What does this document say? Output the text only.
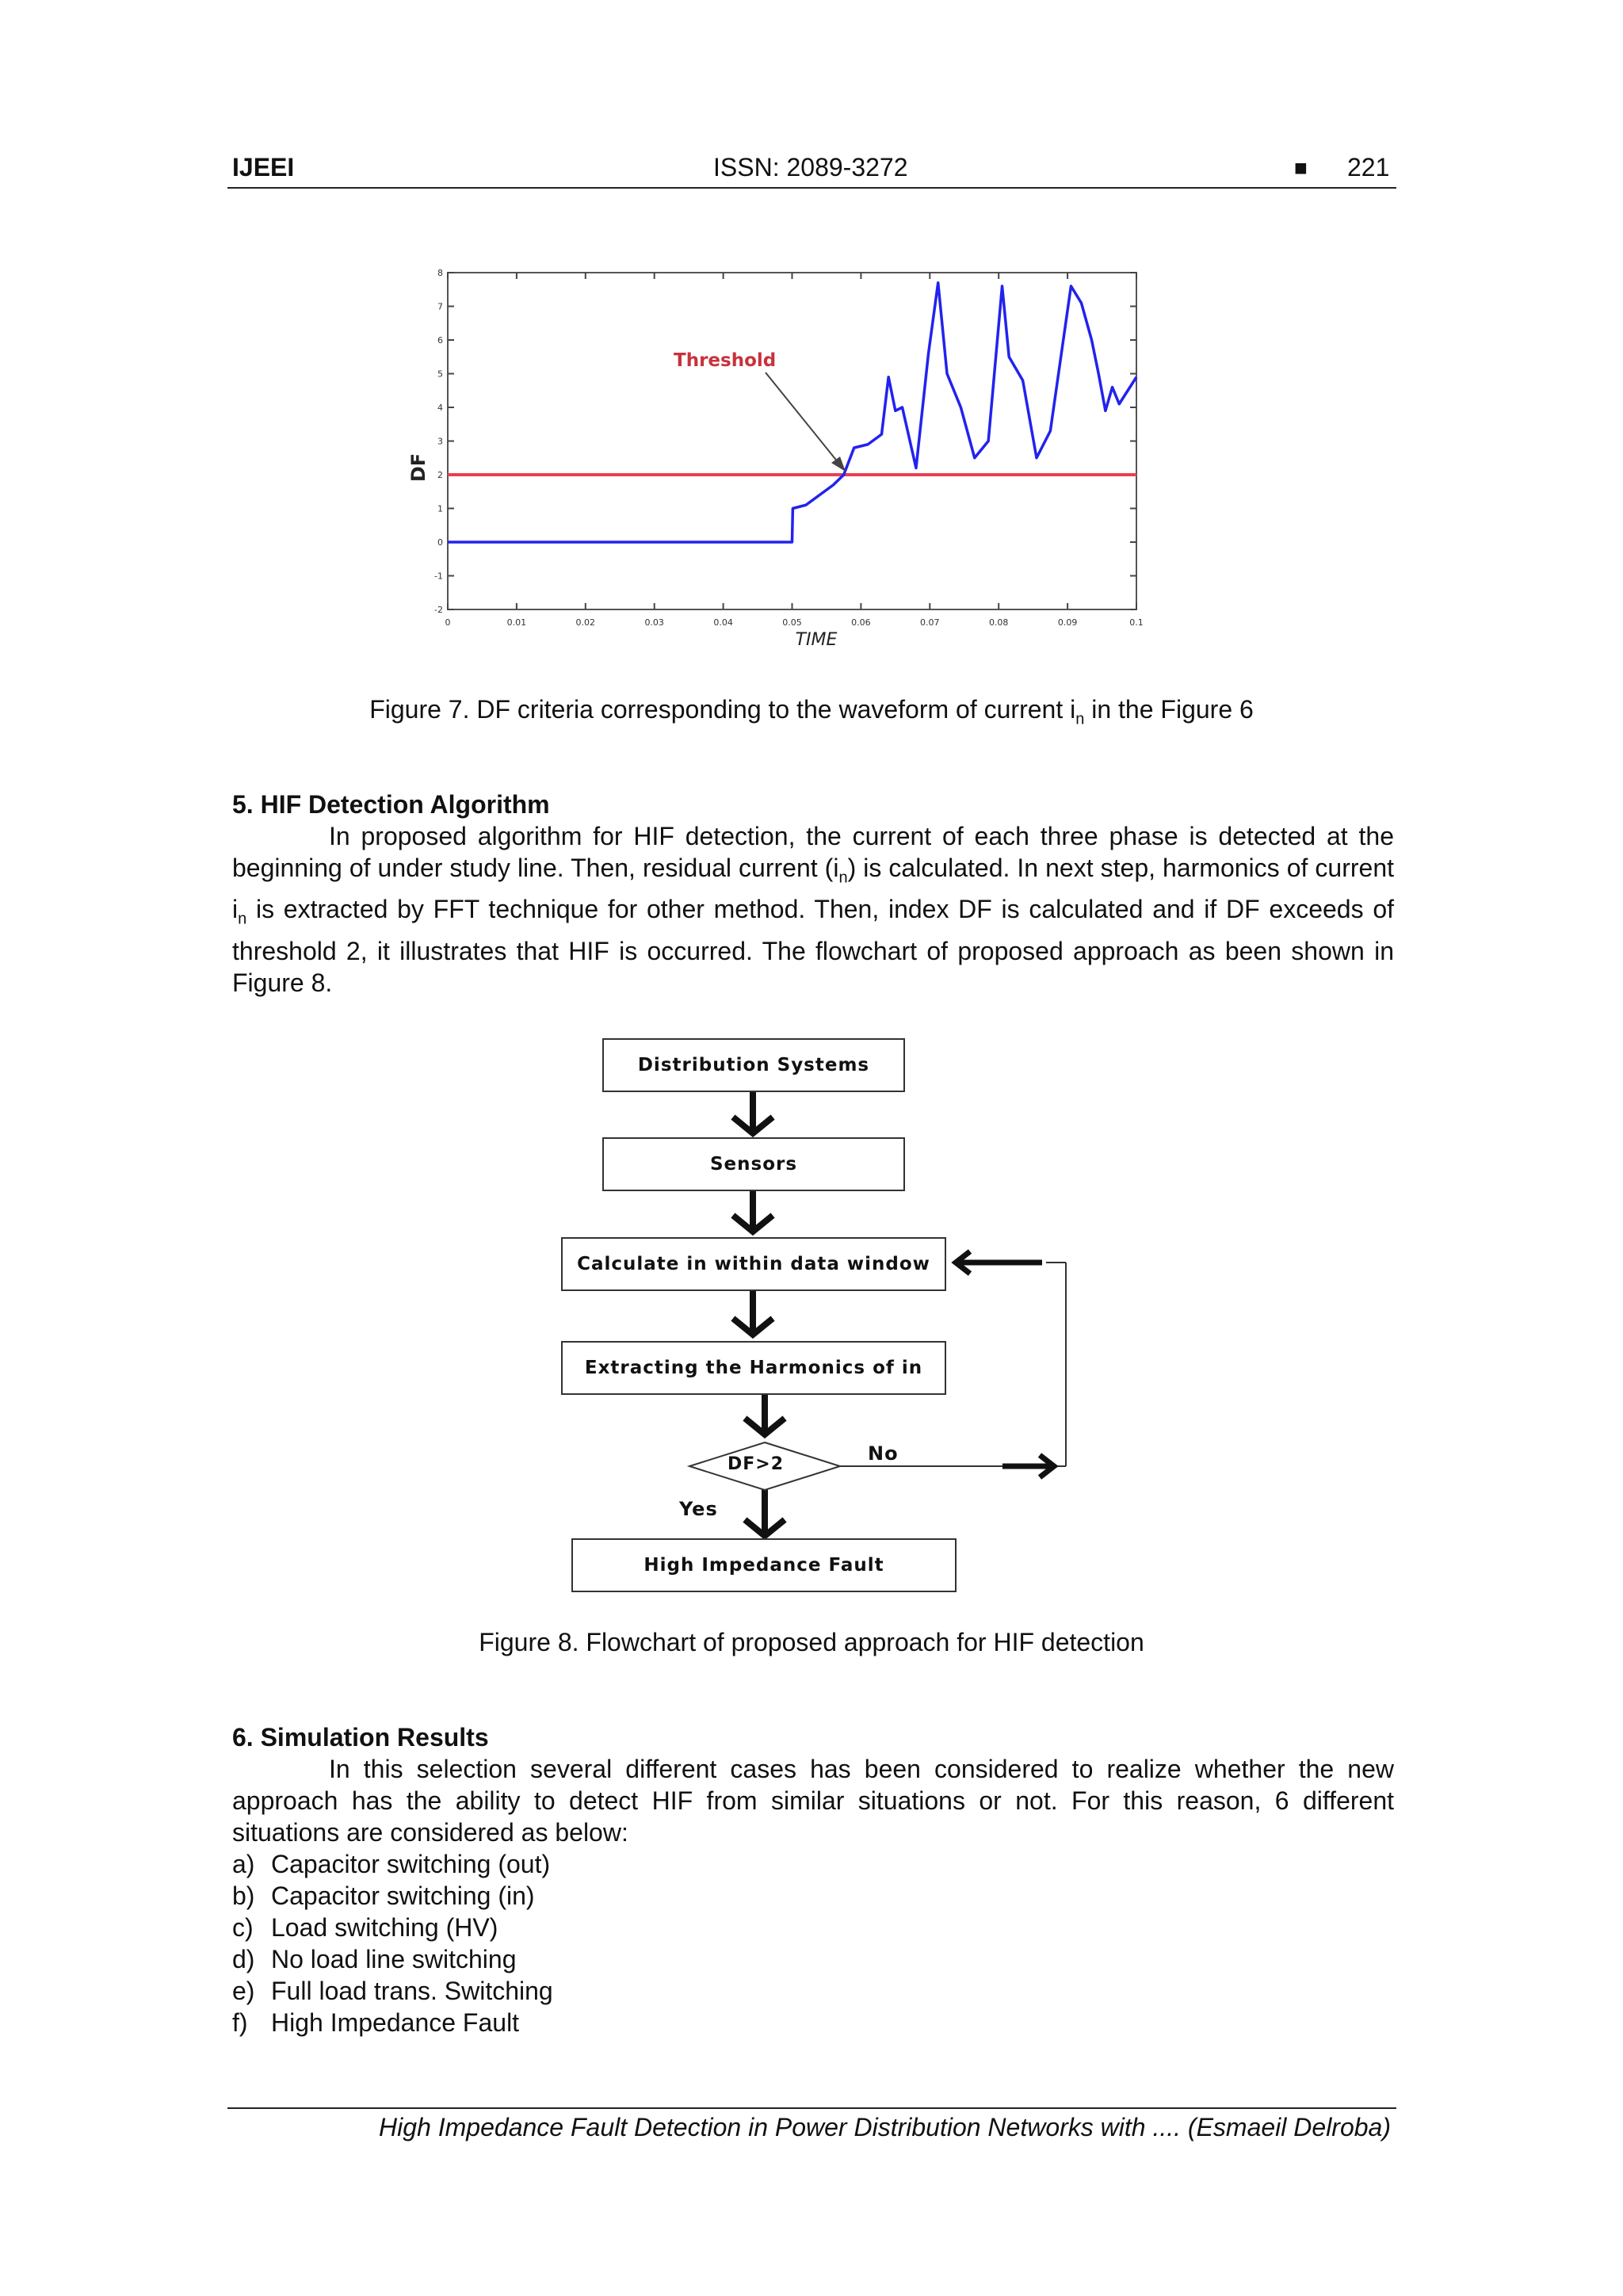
IJEEI	ISSN: 2089-3272	■ 221
0	0.01	0.02	0.03	0.04	0.05	0.06	0.07	0.08	0.09	0.1
-2
-1
0
1
2
3
4
5
6
7
8
DF
TIME
Threshold
Figure 7. DF criteria corresponding to the waveform of current $i_n$ in the Figure 6
5. HIF Detection Algorithm

In proposed algorithm for HIF detection, the current of each three phase is detected at the beginning of under study line. Then, residual current $(i_n)$ is calculated. In next step, harmonics of current $i_n$ is extracted by FFT technique for other method. Then, index DF is calculated and if DF exceeds of threshold 2, it illustrates that HIF is occurred. The flowchart of proposed approach as been shown in Figure 8.

Distribution Systems
Sensors
Calculate in within data window
Extracting the Harmonics of in
DF>2	No
Yes
High Impedance Fault
Figure 8. Flowchart of proposed approach for HIF detection
6. Simulation Results
In this selection several different cases has been considered to realize whether the new approach has the ability to detect HIF from similar situations or not. For this reason, 6 different situations are considered as below:
a) Capacitor switching (out)
b) Capacitor switching (in)
c) Load switching (HV)
d) No load line switching
e) Full load trans. Switching
f) High Impedance Fault
High Impedance Fault Detection in Power Distribution Networks with .... (Esmaeil Delroba)
